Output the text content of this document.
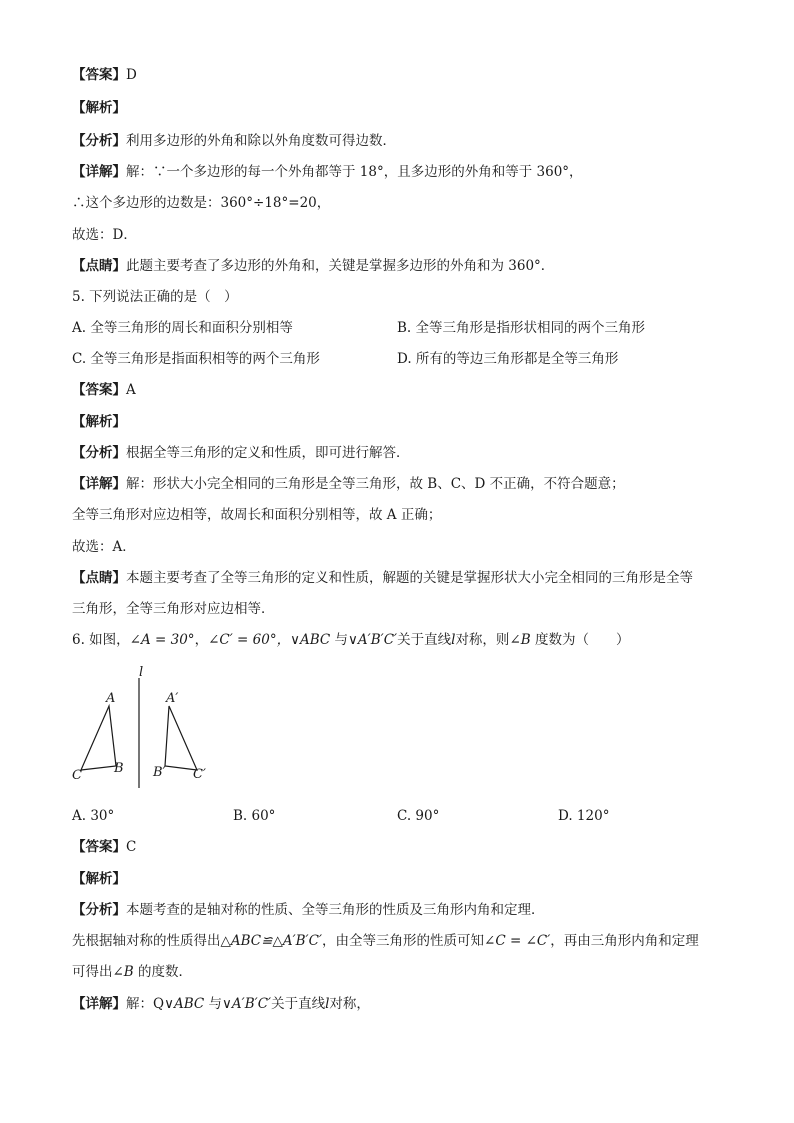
【答案】D
【解析】
【分析】利用多边形的外角和除以外角度数可得边数．
【详解】解：∵一个多边形的每一个外角都等于 18°，且多边形的外角和等于 360°，
∴这个多边形的边数是：360°÷18°=20，
故选：D．
【点睛】此题主要考查了多边形的外角和，关键是掌握多边形的外角和为 360°．
5. 下列说法正确的是（　）
A. 全等三角形的周长和面积分别相等	B. 全等三角形是指形状相同的两个三角形
C. 全等三角形是指面积相等的两个三角形	D. 所有的等边三角形都是全等三角形
【答案】A
【解析】
【分析】根据全等三角形的定义和性质，即可进行解答．
【详解】解：形状大小完全相同的三角形是全等三角形，故 B、C、D 不正确，不符合题意；
全等三角形对应边相等，故周长和面积分别相等，故 A 正确；
故选：A．
【点睛】本题主要考查了全等三角形的定义和性质，解题的关键是掌握形状大小完全相同的三角形是全等
三角形，全等三角形对应边相等．
6. 如图，∠A = 30°，∠C′ = 60°，∨ABC 与∨A′B′C′关于直线l对称，则∠B 度数为（　　）
l
A
B
C
A′
B′ C′
A. 30°	B. 60°	C. 90°	D. 120°
【答案】C
【解析】
【分析】本题考查的是轴对称的性质、全等三角形的性质及三角形内角和定理．
先根据轴对称的性质得出△ABC≌△A′B′C′，由全等三角形的性质可知∠C = ∠C′，再由三角形内角和定理
可得出∠B 的度数．
【详解】解：Q∨ABC 与∨A′B′C′关于直线l对称，
